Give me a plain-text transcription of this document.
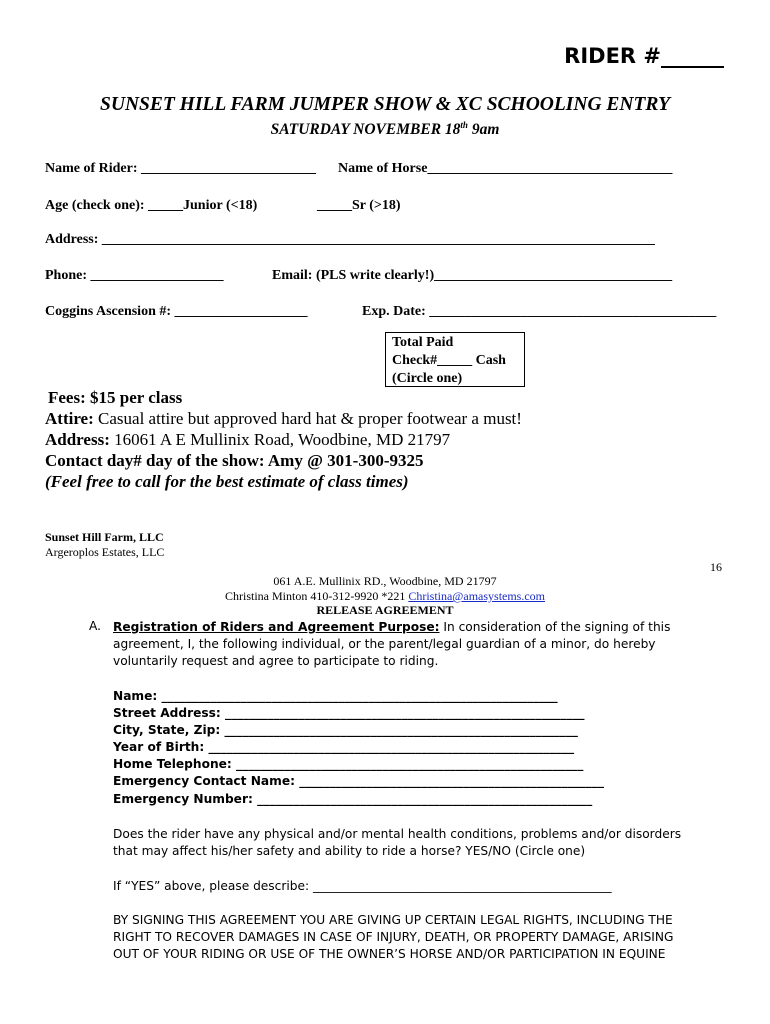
RIDER #______
SUNSET HILL FARM JUMPER SHOW & XC SCHOOLING ENTRY
SATURDAY NOVEMBER 18th 9am
Name of Rider: _________________________ Name of Horse___________________________________
Age (check one): _____Junior (<18)	_____Sr (>18)
Address: _______________________________________________________________________________
Phone: ___________________	Email: (PLS write clearly!)__________________________________
Coggins Ascension #: ___________________	Exp. Date: _________________________________________
Total Paid
Check#_____ Cash
(Circle one)
Fees: $15 per class
Attire: Casual attire but approved hard hat & proper footwear a must!
Address: 16061 A E Mullinix Road, Woodbine, MD 21797
Contact day# day of the show: Amy @ 301-300-9325
(Feel free to call for the best estimate of class times)
Sunset Hill Farm, LLC
Argeroplos Estates, LLC
16
061 A.E. Mullinix RD., Woodbine, MD 21797
Christina Minton 410-312-9920 *221 Christina@amasystems.com
RELEASE AGREEMENT
A. Registration of Riders and Agreement Purpose: In consideration of the signing of this
agreement, I, the following individual, or the parent/legal guardian of a minor, do hereby
voluntarily request and agree to participate to riding.
Name: _________________________________________________________________
Street Address: ___________________________________________________________
City, State, Zip: __________________________________________________________
Year of Birth: ____________________________________________________________
Home Telephone: _________________________________________________________
Emergency Contact Name: __________________________________________________
Emergency Number: _______________________________________________________
Does the rider have any physical and/or mental health conditions, problems and/or disorders
that may affect his/her safety and ability to ride a horse? YES/NO (Circle one)
If “YES” above, please describe: _________________________________________________
BY SIGNING THIS AGREEMENT YOU ARE GIVING UP CERTAIN LEGAL RIGHTS, INCLUDING THE
RIGHT TO RECOVER DAMAGES IN CASE OF INJURY, DEATH, OR PROPERTY DAMAGE, ARISING
OUT OF YOUR RIDING OR USE OF THE OWNER’S HORSE AND/OR PARTICIPATION IN EQUINE
